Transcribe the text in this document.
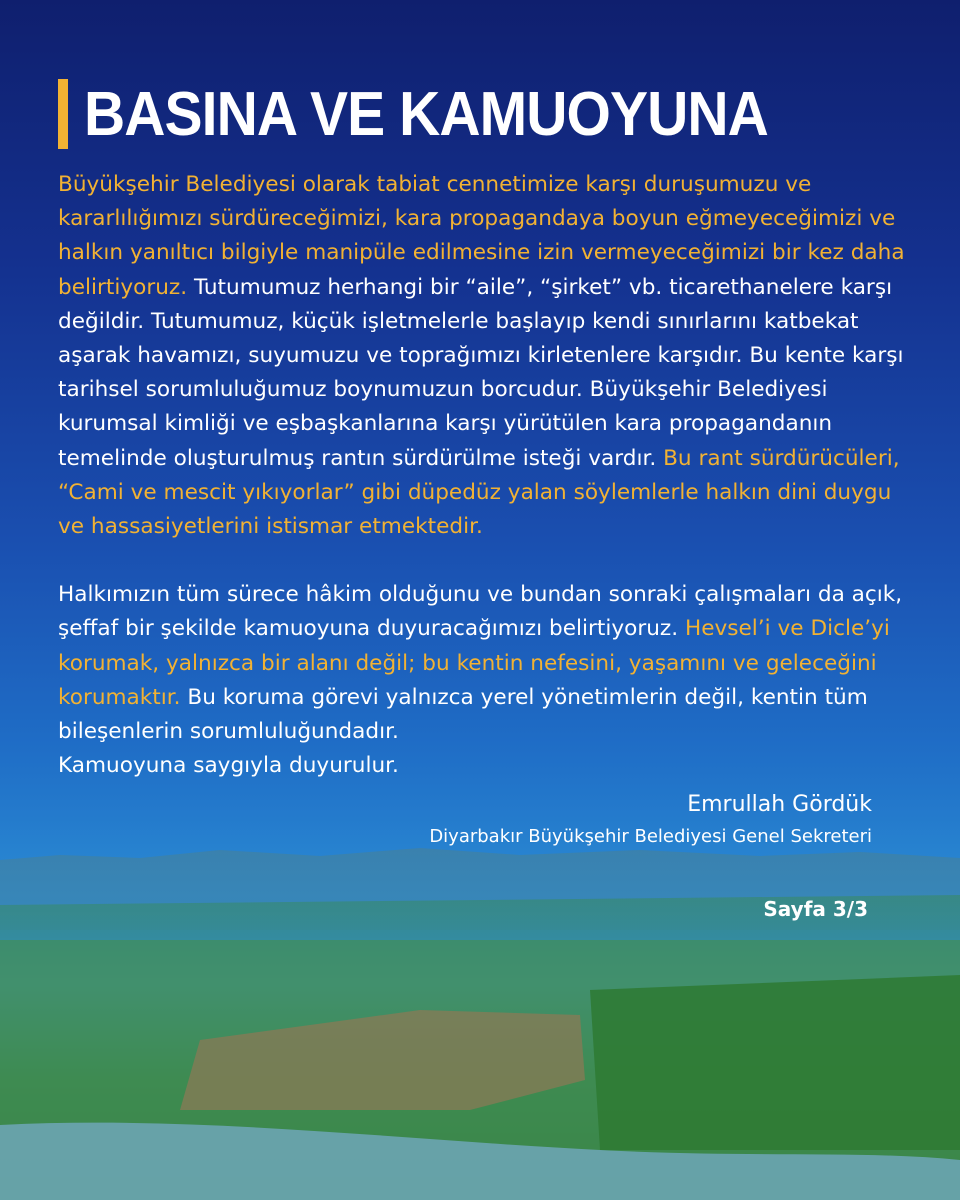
BASINA VE KAMUOYUNA

Büyükşehir Belediyesi olarak tabiat cennetimize karşı duruşumuzu ve kararlılığımızı sürdüreceğimizi, kara propagandaya boyun eğmeyeceğimizi ve halkın yanıltıcı bilgiyle manipüle edilmesine izin vermeyeceğimizi bir kez daha belirtiyoruz. Tutumumuz herhangi bir “aile”, “şirket” vb. ticarethanelere karşı değildir. Tutumumuz, küçük işletmelerle başlayıp kendi sınırlarını katbekat aşarak havamızı, suyumuzu ve toprağımızı kirletenlere karşıdır. Bu kente karşı tarihsel sorumluluğumuz boynumuzun borcudur. Büyükşehir Belediyesi kurumsal kimliği ve eşbaşkanlarına karşı yürütülen kara propagandanın temelinde oluşturulmuş rantın sürdürülme isteği vardır. Bu rant sürdürücüleri, “Cami ve mescit yıkıyorlar” gibi düpedüz yalan söylemlerle halkın dini duygu ve hassasiyetlerini istismar etmektedir.

Halkımızın tüm sürece hâkim olduğunu ve bundan sonraki çalışmaları da açık, şeffaf bir şekilde kamuoyuna duyuracağımızı belirtiyoruz. Hevsel’i ve Dicle’yi korumak, yalnızca bir alanı değil; bu kentin nefesini, yaşamını ve geleceğini korumaktır. Bu koruma görevi yalnızca yerel yönetimlerin değil, kentin tüm bileşenlerin sorumluluğundadır.
Kamuoyuna saygıyla duyurulur.

Emrullah Gördük
Diyarbakır Büyükşehir Belediyesi Genel Sekreteri
Sayfa 3/3
